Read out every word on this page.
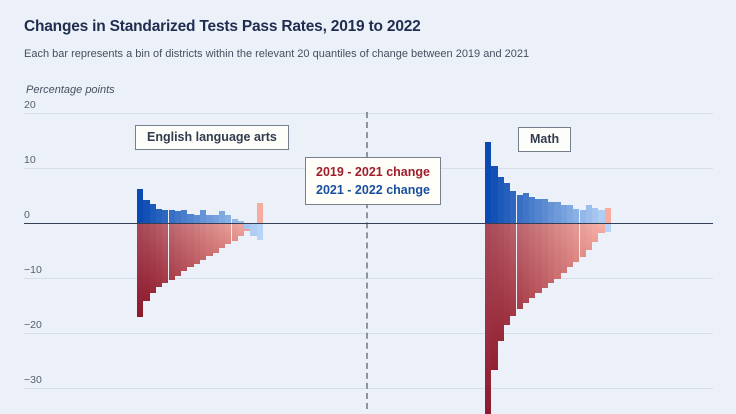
Changes in Standarized Tests Pass Rates, 2019 to 2022
Each bar represents a bin of districts within the relevant 20 quantiles of change between 2019 and 2021
Percentage points
English language arts	Math
2019 - 2021 change
2021 - 2022 change
20
10
0
−10
−20
−30
